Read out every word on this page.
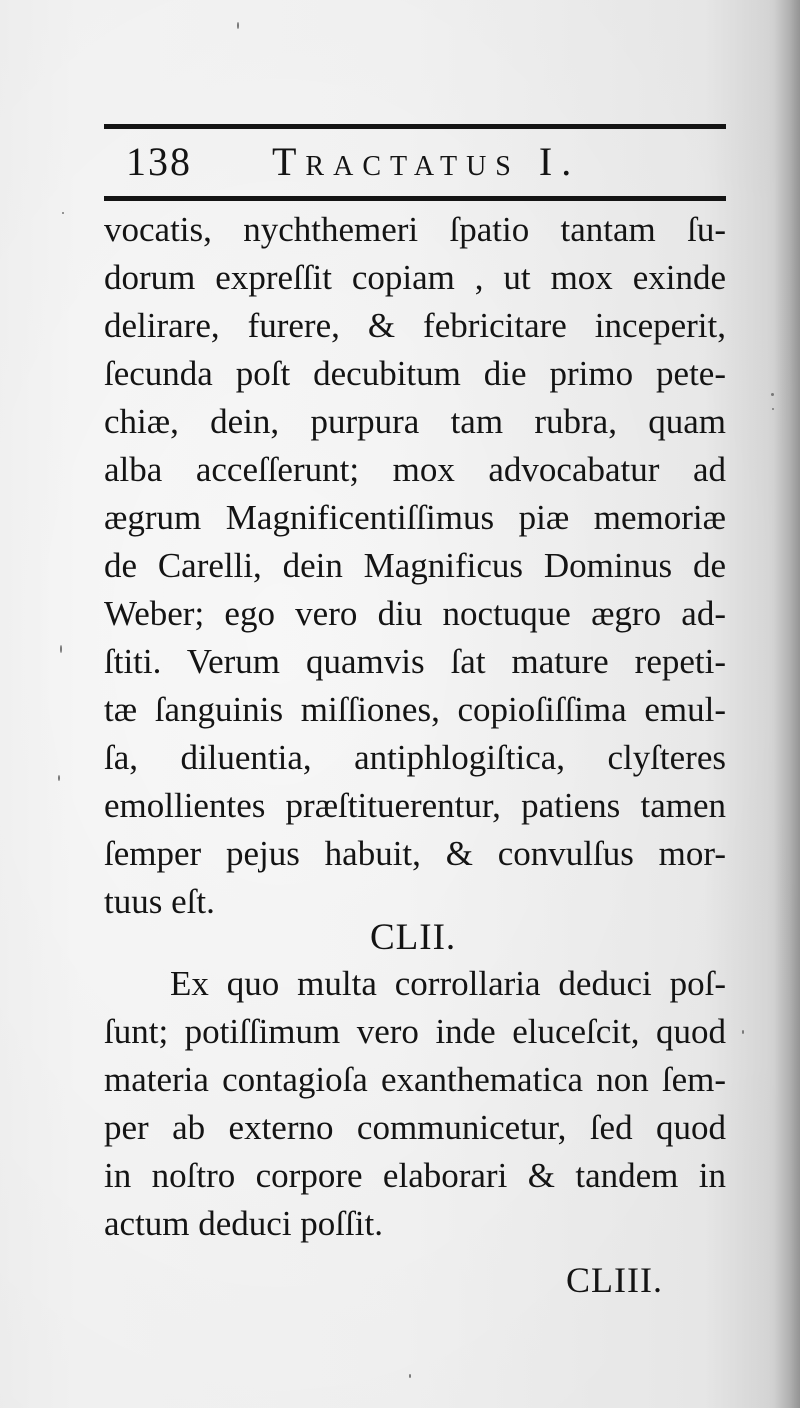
138 Tractatus I.
vocatis, nychthemeri ſpatio tantam ſu-
dorum expreſſit copiam , ut mox exinde
delirare, furere, & febricitare inceperit,
ſecunda poſt decubitum die primo pete-
chiæ, dein, purpura tam rubra, quam
alba acceſſerunt; mox advocabatur ad
ægrum Magnificentiſſimus piæ memoriæ
de Carelli, dein Magnificus Dominus de
Weber; ego vero diu noctuque ægro ad-
ſtiti. Verum quamvis ſat mature repeti-
tæ ſanguinis miſſiones, copioſiſſima emul-
ſa, diluentia, antiphlogiſtica, clyſteres
emollientes præſtituerentur, patiens tamen
ſemper pejus habuit, & convulſus mor-
tuus eſt.
CLII.
Ex quo multa corrollaria deduci poſ-
ſunt; potiſſimum vero inde eluceſcit, quod
materia contagioſa exanthematica non ſem-
per ab externo communicetur, ſed quod
in noſtro corpore elaborari & tandem in
actum deduci poſſit.
CLIII.
